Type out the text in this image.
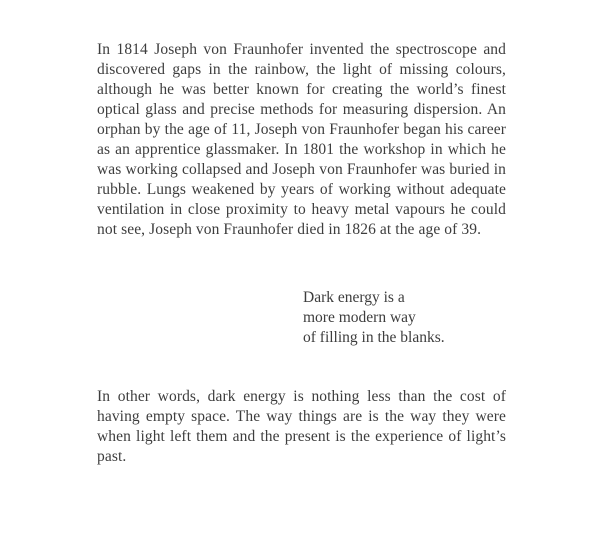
In 1814 Joseph von Fraunhofer invented the spectroscope and discovered gaps in the rainbow, the light of missing colours, although he was better known for creating the world’s finest optical glass and precise methods for measuring dispersion. An orphan by the age of 11, Joseph von Fraunhofer began his career as an apprentice glassmaker. In 1801 the workshop in which he was working collapsed and Joseph von Fraunhofer was buried in rubble. Lungs weakened by years of working without adequate ventilation in close proximity to heavy metal vapours he could not see, Joseph von Fraunhofer died in 1826 at the age of 39.

Dark energy is a
more modern way
of filling in the blanks.

In other words, dark energy is nothing less than the cost of having empty space. The way things are is the way they were when light left them and the present is the experience of light’s past.
